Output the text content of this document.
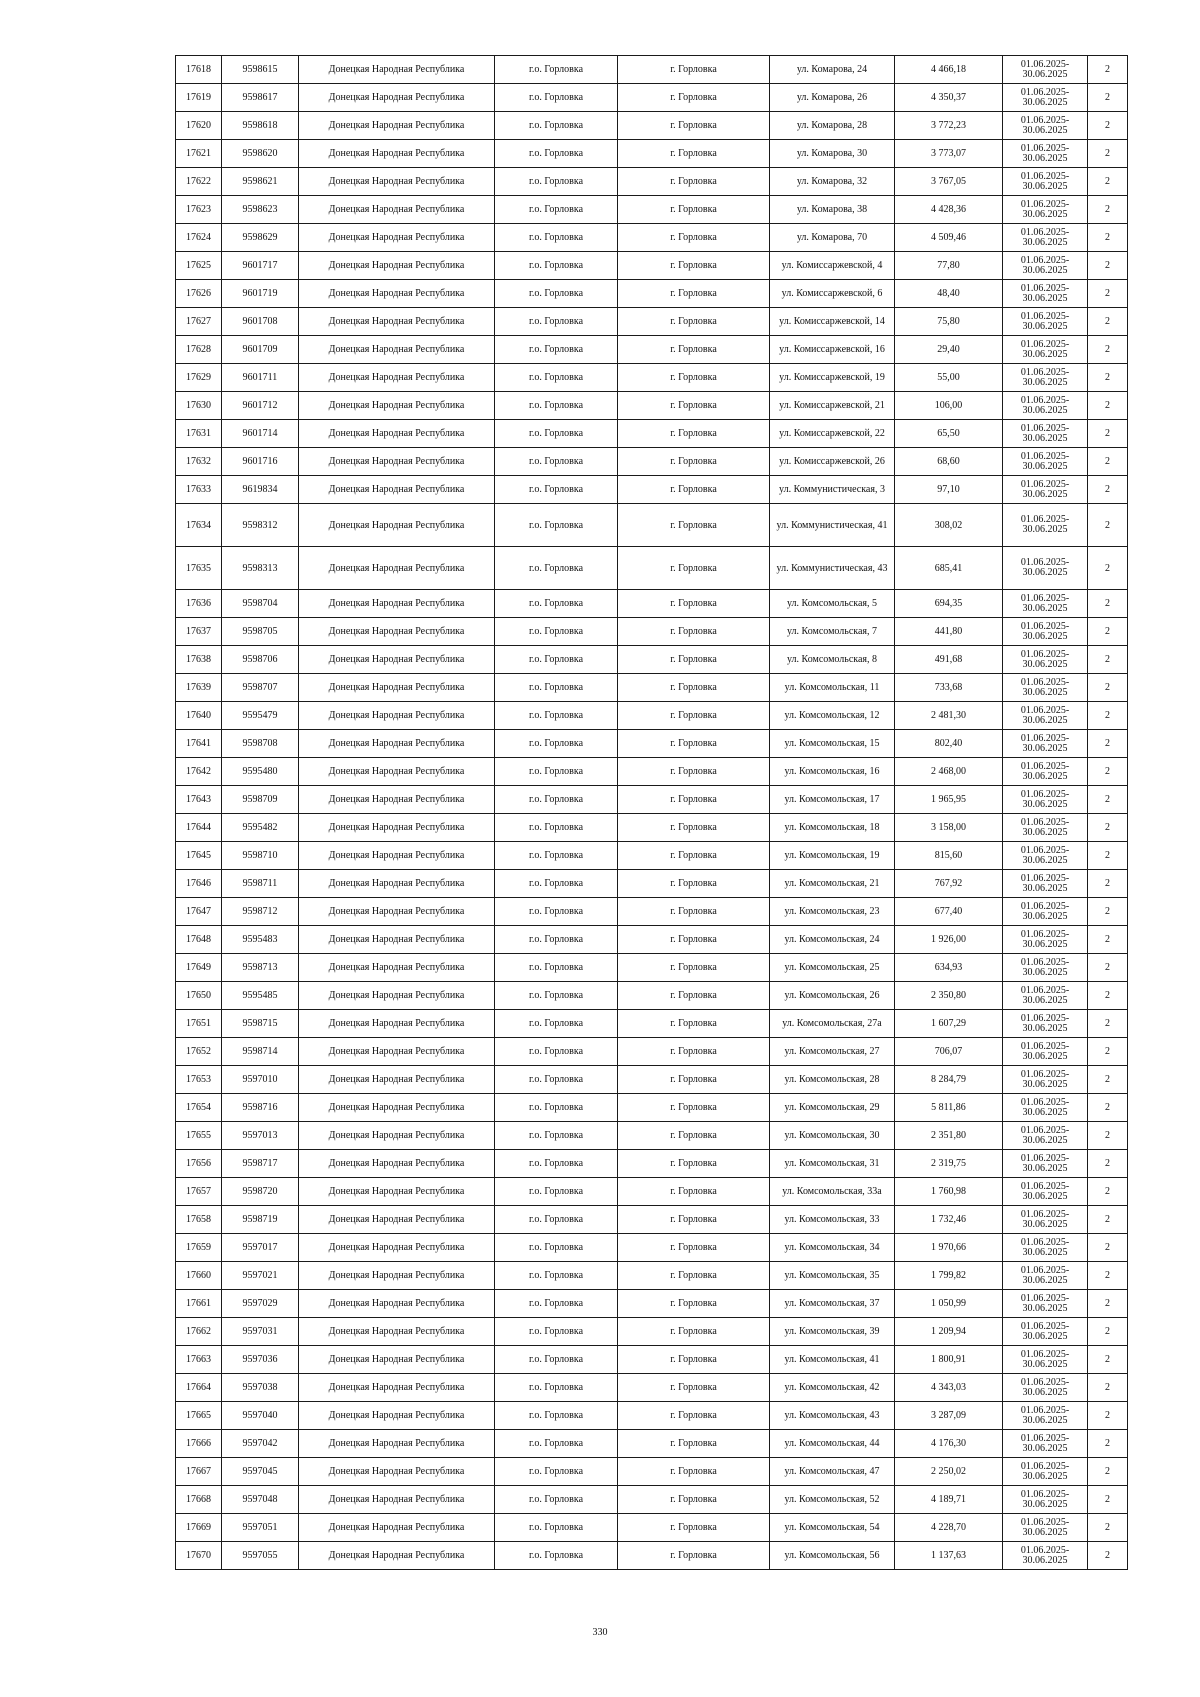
17618	9598615	Донецкая Народная Республика	г.о. Горловка	г. Горловка	ул. Комарова, 24	4 466,18	01.06.2025-30.06.2025	2
17619	9598617	Донецкая Народная Республика	г.о. Горловка	г. Горловка	ул. Комарова, 26	4 350,37	01.06.2025-30.06.2025	2
17620	9598618	Донецкая Народная Республика	г.о. Горловка	г. Горловка	ул. Комарова, 28	3 772,23	01.06.2025-30.06.2025	2
17621	9598620	Донецкая Народная Республика	г.о. Горловка	г. Горловка	ул. Комарова, 30	3 773,07	01.06.2025-30.06.2025	2
17622	9598621	Донецкая Народная Республика	г.о. Горловка	г. Горловка	ул. Комарова, 32	3 767,05	01.06.2025-30.06.2025	2
17623	9598623	Донецкая Народная Республика	г.о. Горловка	г. Горловка	ул. Комарова, 38	4 428,36	01.06.2025-30.06.2025	2
17624	9598629	Донецкая Народная Республика	г.о. Горловка	г. Горловка	ул. Комарова, 70	4 509,46	01.06.2025-30.06.2025	2
17625	9601717	Донецкая Народная Республика	г.о. Горловка	г. Горловка	ул. Комиссаржевской, 4	77,80	01.06.2025-30.06.2025	2
17626	9601719	Донецкая Народная Республика	г.о. Горловка	г. Горловка	ул. Комиссаржевской, 6	48,40	01.06.2025-30.06.2025	2
17627	9601708	Донецкая Народная Республика	г.о. Горловка	г. Горловка	ул. Комиссаржевской, 14	75,80	01.06.2025-30.06.2025	2
17628	9601709	Донецкая Народная Республика	г.о. Горловка	г. Горловка	ул. Комиссаржевской, 16	29,40	01.06.2025-30.06.2025	2
17629	9601711	Донецкая Народная Республика	г.о. Горловка	г. Горловка	ул. Комиссаржевской, 19	55,00	01.06.2025-30.06.2025	2
17630	9601712	Донецкая Народная Республика	г.о. Горловка	г. Горловка	ул. Комиссаржевской, 21	106,00	01.06.2025-30.06.2025	2
17631	9601714	Донецкая Народная Республика	г.о. Горловка	г. Горловка	ул. Комиссаржевской, 22	65,50	01.06.2025-30.06.2025	2
17632	9601716	Донецкая Народная Республика	г.о. Горловка	г. Горловка	ул. Комиссаржевской, 26	68,60	01.06.2025-30.06.2025	2
17633	9619834	Донецкая Народная Республика	г.о. Горловка	г. Горловка	ул. Коммунистическая, 3	97,10	01.06.2025-30.06.2025	2
17634	9598312	Донецкая Народная Республика	г.о. Горловка	г. Горловка	ул. Коммунистическая, 41	308,02	01.06.2025-30.06.2025	2
17635	9598313	Донецкая Народная Республика	г.о. Горловка	г. Горловка	ул. Коммунистическая, 43	685,41	01.06.2025-30.06.2025	2
17636	9598704	Донецкая Народная Республика	г.о. Горловка	г. Горловка	ул. Комсомольская, 5	694,35	01.06.2025-30.06.2025	2
17637	9598705	Донецкая Народная Республика	г.о. Горловка	г. Горловка	ул. Комсомольская, 7	441,80	01.06.2025-30.06.2025	2
17638	9598706	Донецкая Народная Республика	г.о. Горловка	г. Горловка	ул. Комсомольская, 8	491,68	01.06.2025-30.06.2025	2
17639	9598707	Донецкая Народная Республика	г.о. Горловка	г. Горловка	ул. Комсомольская, 11	733,68	01.06.2025-30.06.2025	2
17640	9595479	Донецкая Народная Республика	г.о. Горловка	г. Горловка	ул. Комсомольская, 12	2 481,30	01.06.2025-30.06.2025	2
17641	9598708	Донецкая Народная Республика	г.о. Горловка	г. Горловка	ул. Комсомольская, 15	802,40	01.06.2025-30.06.2025	2
17642	9595480	Донецкая Народная Республика	г.о. Горловка	г. Горловка	ул. Комсомольская, 16	2 468,00	01.06.2025-30.06.2025	2
17643	9598709	Донецкая Народная Республика	г.о. Горловка	г. Горловка	ул. Комсомольская, 17	1 965,95	01.06.2025-30.06.2025	2
17644	9595482	Донецкая Народная Республика	г.о. Горловка	г. Горловка	ул. Комсомольская, 18	3 158,00	01.06.2025-30.06.2025	2
17645	9598710	Донецкая Народная Республика	г.о. Горловка	г. Горловка	ул. Комсомольская, 19	815,60	01.06.2025-30.06.2025	2
17646	9598711	Донецкая Народная Республика	г.о. Горловка	г. Горловка	ул. Комсомольская, 21	767,92	01.06.2025-30.06.2025	2
17647	9598712	Донецкая Народная Республика	г.о. Горловка	г. Горловка	ул. Комсомольская, 23	677,40	01.06.2025-30.06.2025	2
17648	9595483	Донецкая Народная Республика	г.о. Горловка	г. Горловка	ул. Комсомольская, 24	1 926,00	01.06.2025-30.06.2025	2
17649	9598713	Донецкая Народная Республика	г.о. Горловка	г. Горловка	ул. Комсомольская, 25	634,93	01.06.2025-30.06.2025	2
17650	9595485	Донецкая Народная Республика	г.о. Горловка	г. Горловка	ул. Комсомольская, 26	2 350,80	01.06.2025-30.06.2025	2
17651	9598715	Донецкая Народная Республика	г.о. Горловка	г. Горловка	ул. Комсомольская, 27а	1 607,29	01.06.2025-30.06.2025	2
17652	9598714	Донецкая Народная Республика	г.о. Горловка	г. Горловка	ул. Комсомольская, 27	706,07	01.06.2025-30.06.2025	2
17653	9597010	Донецкая Народная Республика	г.о. Горловка	г. Горловка	ул. Комсомольская, 28	8 284,79	01.06.2025-30.06.2025	2
17654	9598716	Донецкая Народная Республика	г.о. Горловка	г. Горловка	ул. Комсомольская, 29	5 811,86	01.06.2025-30.06.2025	2
17655	9597013	Донецкая Народная Республика	г.о. Горловка	г. Горловка	ул. Комсомольская, 30	2 351,80	01.06.2025-30.06.2025	2
17656	9598717	Донецкая Народная Республика	г.о. Горловка	г. Горловка	ул. Комсомольская, 31	2 319,75	01.06.2025-30.06.2025	2
17657	9598720	Донецкая Народная Республика	г.о. Горловка	г. Горловка	ул. Комсомольская, 33а	1 760,98	01.06.2025-30.06.2025	2
17658	9598719	Донецкая Народная Республика	г.о. Горловка	г. Горловка	ул. Комсомольская, 33	1 732,46	01.06.2025-30.06.2025	2
17659	9597017	Донецкая Народная Республика	г.о. Горловка	г. Горловка	ул. Комсомольская, 34	1 970,66	01.06.2025-30.06.2025	2
17660	9597021	Донецкая Народная Республика	г.о. Горловка	г. Горловка	ул. Комсомольская, 35	1 799,82	01.06.2025-30.06.2025	2
17661	9597029	Донецкая Народная Республика	г.о. Горловка	г. Горловка	ул. Комсомольская, 37	1 050,99	01.06.2025-30.06.2025	2
17662	9597031	Донецкая Народная Республика	г.о. Горловка	г. Горловка	ул. Комсомольская, 39	1 209,94	01.06.2025-30.06.2025	2
17663	9597036	Донецкая Народная Республика	г.о. Горловка	г. Горловка	ул. Комсомольская, 41	1 800,91	01.06.2025-30.06.2025	2
17664	9597038	Донецкая Народная Республика	г.о. Горловка	г. Горловка	ул. Комсомольская, 42	4 343,03	01.06.2025-30.06.2025	2
17665	9597040	Донецкая Народная Республика	г.о. Горловка	г. Горловка	ул. Комсомольская, 43	3 287,09	01.06.2025-30.06.2025	2
17666	9597042	Донецкая Народная Республика	г.о. Горловка	г. Горловка	ул. Комсомольская, 44	4 176,30	01.06.2025-30.06.2025	2
17667	9597045	Донецкая Народная Республика	г.о. Горловка	г. Горловка	ул. Комсомольская, 47	2 250,02	01.06.2025-30.06.2025	2
17668	9597048	Донецкая Народная Республика	г.о. Горловка	г. Горловка	ул. Комсомольская, 52	4 189,71	01.06.2025-30.06.2025	2
17669	9597051	Донецкая Народная Республика	г.о. Горловка	г. Горловка	ул. Комсомольская, 54	4 228,70	01.06.2025-30.06.2025	2
17670	9597055	Донецкая Народная Республика	г.о. Горловка	г. Горловка	ул. Комсомольская, 56	1 137,63	01.06.2025-30.06.2025	2
330
